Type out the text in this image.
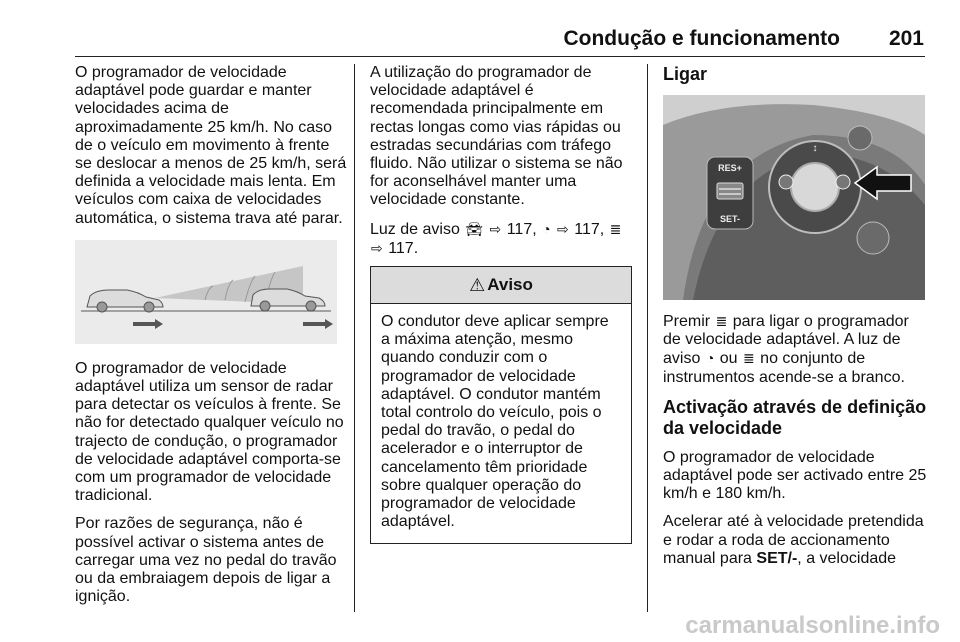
Condução e funcionamento	201

O programador de velocidade adaptável pode guardar e manter velocidades acima de aproximadamente 25 km/h. No caso de o veículo em movimento à frente se deslocar a menos de 25 km/h, será definida a velocidade mais lenta. Em veículos com caixa de velocidades automática, o sistema trava até parar.

O programador de velocidade adaptável utiliza um sensor de radar para detectar os veículos à frente. Se não for detectado qualquer veículo no trajecto de condução, o programador de velocidade adaptável comporta-se com um programador de velocidade tradicional.

Por razões de segurança, não é possível activar o sistema antes de carregar uma vez no pedal do travão ou da embraiagem depois de ligar a ignição.

A utilização do programador de velocidade adaptável é recomendada principalmente em rectas longas como vias rápidas ou estradas secundárias com tráfego fluido. Não utilizar o sistema se não for aconselhável manter uma velocidade constante.

Luz de aviso 🚘︎ ⇨ 117, ◔ ⇨ 117, ≣
⇨ 117.

⚠︎ Aviso
O condutor deve aplicar sempre a máxima atenção, mesmo quando conduzir com o programador de velocidade adaptável. O condutor mantém total controlo do veículo, pois o pedal do travão, o pedal do acelerador e o interruptor de cancelamento têm prioridade sobre qualquer operação do programador de velocidade adaptável.

Ligar

RES+
SET-
↕

Premir ≣ para ligar o programador de velocidade adaptável. A luz de aviso ◔ ou ≣ no conjunto de instrumentos acende-se a branco.

Activação através de definição da velocidade

O programador de velocidade adaptável pode ser activado entre 25 km/h e 180 km/h.

Acelerar até à velocidade pretendida e rodar a roda de accionamento manual para SET/-, a velocidade

carmanualsonline.info
